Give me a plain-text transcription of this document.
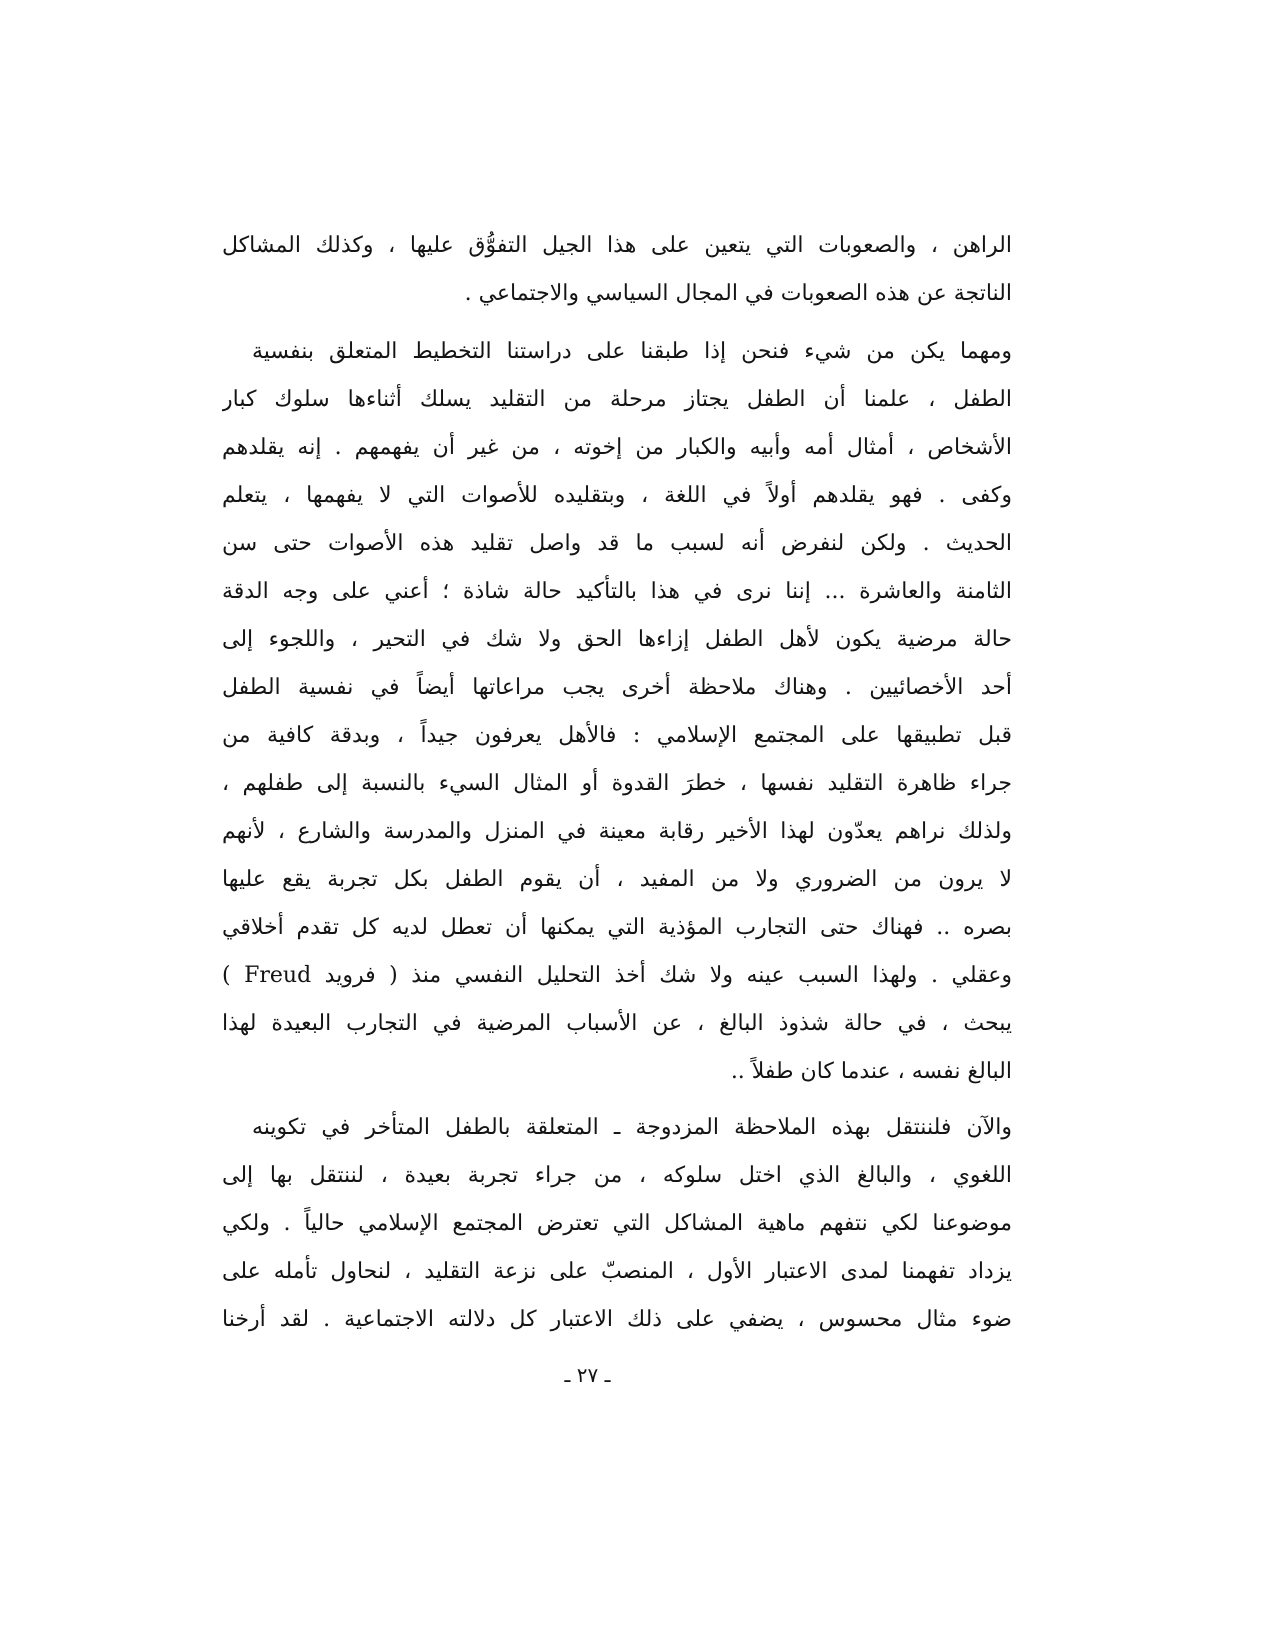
الراهن ، والصعوبات التي يتعين على هذا الجيل التفوُّق عليها ، وكذلك المشاكل
الناتجة عن هذه الصعوبات في المجال السياسي والاجتماعي .
ومهما يكن من شيء فنحن إذا طبقنا على دراستنا التخطيط المتعلق بنفسية
الطفل ، علمنا أن الطفل يجتاز مرحلة من التقليد يسلك أثناءها سلوك كبار
الأشخاص ، أمثال أمه وأبيه والكبار من إخوته ، من غير أن يفهمهم . إنه يقلدهم
وكفى . فهو يقلدهم أولاً في اللغة ، وبتقليده للأصوات التي لا يفهمها ، يتعلم
الحديث . ولكن لنفرض أنه لسبب ما قد واصل تقليد هذه الأصوات حتى سن
الثامنة والعاشرة ... إننا نرى في هذا بالتأكيد حالة شاذة ؛ أعني على وجه الدقة
حالة مرضية يكون لأهل الطفل إزاءها الحق ولا شك في التحير ، واللجوء إلى
أحد الأخصائيين . وهناك ملاحظة أخرى يجب مراعاتها أيضاً في نفسية الطفل
قبل تطبيقها على المجتمع الإسلامي : فالأهل يعرفون جيداً ، وبدقة كافية من
جراء ظاهرة التقليد نفسها ، خطرَ القدوة أو المثال السيء بالنسبة إلى طفلهم ،
ولذلك نراهم يعدّون لهذا الأخير رقابة معينة في المنزل والمدرسة والشارع ، لأنهم
لا يرون من الضروري ولا من المفيد ، أن يقوم الطفل بكل تجربة يقع عليها
بصره .. فهناك حتى التجارب المؤذية التي يمكنها أن تعطل لديه كل تقدم أخلاقي
وعقلي . ولهذا السبب عينه ولا شك أخذ التحليل النفسي منذ ( فرويد Freud )
يبحث ، في حالة شذوذ البالغ ، عن الأسباب المرضية في التجارب البعيدة لهذا
البالغ نفسه ، عندما كان طفلاً ..
والآن فلننتقل بهذه الملاحظة المزدوجة ـ المتعلقة بالطفل المتأخر في تكوينه
اللغوي ، والبالغ الذي اختل سلوكه ، من جراء تجربة بعيدة ، لننتقل بها إلى
موضوعنا لكي نتفهم ماهية المشاكل التي تعترض المجتمع الإسلامي حالياً . ولكي
يزداد تفهمنا لمدى الاعتبار الأول ، المنصبّ على نزعة التقليد ، لنحاول تأمله على
ضوء مثال محسوس ، يضفي على ذلك الاعتبار كل دلالته الاجتماعية . لقد أرخنا
ـ ٢٧ ـ
